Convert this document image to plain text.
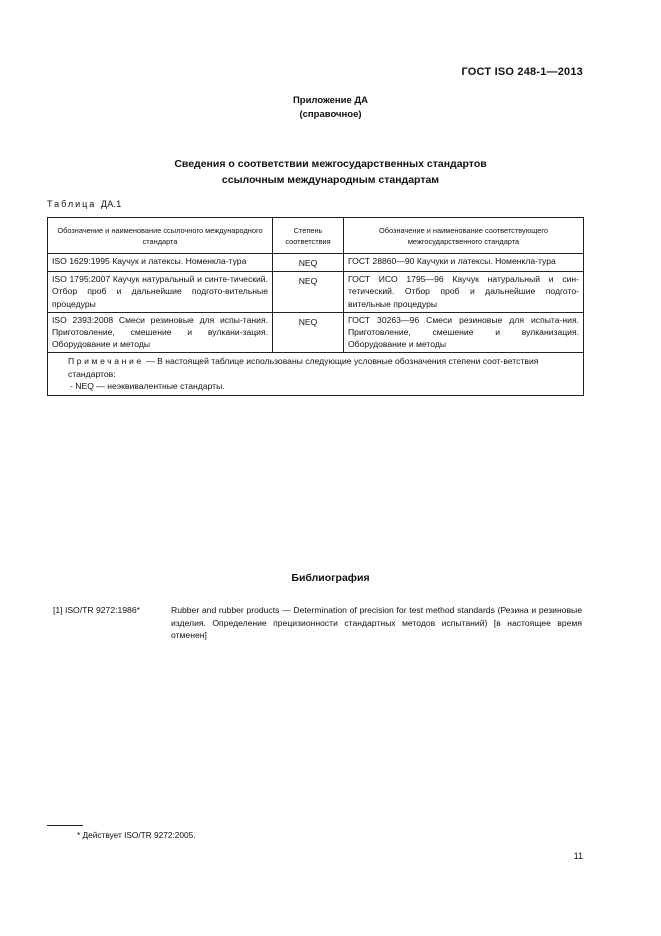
ГОСТ ISO 248-1—2013
Приложение ДА
(справочное)
Сведения о соответствии межгосударственных стандартов
ссылочным международным стандартам
Таблица ДА.1
Обозначение и наименование ссылочного международного стандарта	Степень соответствия	Обозначение и наименование соответствующего межгосударственного стандарта
ISO 1629:1995 Каучук и латексы. Номенкла-тура	NEQ	ГОСТ 28860—90 Каучуки и латексы. Номенкла-тура
ISO 1795:2007 Каучук натуральный и синте-тический. Отбор проб и дальнейшие подгото-вительные процедуры	NEQ	ГОСТ ИСО 1795—96 Каучук натуральный и син-тетический. Отбор проб и дальнейшие подгото-вительные процедуры
ISO 2393:2008 Смеси резиновые для испы-тания. Приготовление, смешение и вулкани-зация. Оборудование и методы	NEQ	ГОСТ 30263—96 Смеси резиновые для испыта-ния. Приготовление, смешение и вулканизация. Оборудование и методы
Примечание — В настоящей таблице использованы следующие условные обозначения степени соот-ветствия стандартов:
- NEQ — неэквивалентные стандарты.		
Библиография
[1] ISO/TR 9272:1986*	Rubber and rubber products — Determination of precision for test method standards (Резина и резиновые изделия. Определение прецизионности стандартных методов испытаний) [в настоящее время отменен]
* Действует ISO/TR 9272:2005.
11
